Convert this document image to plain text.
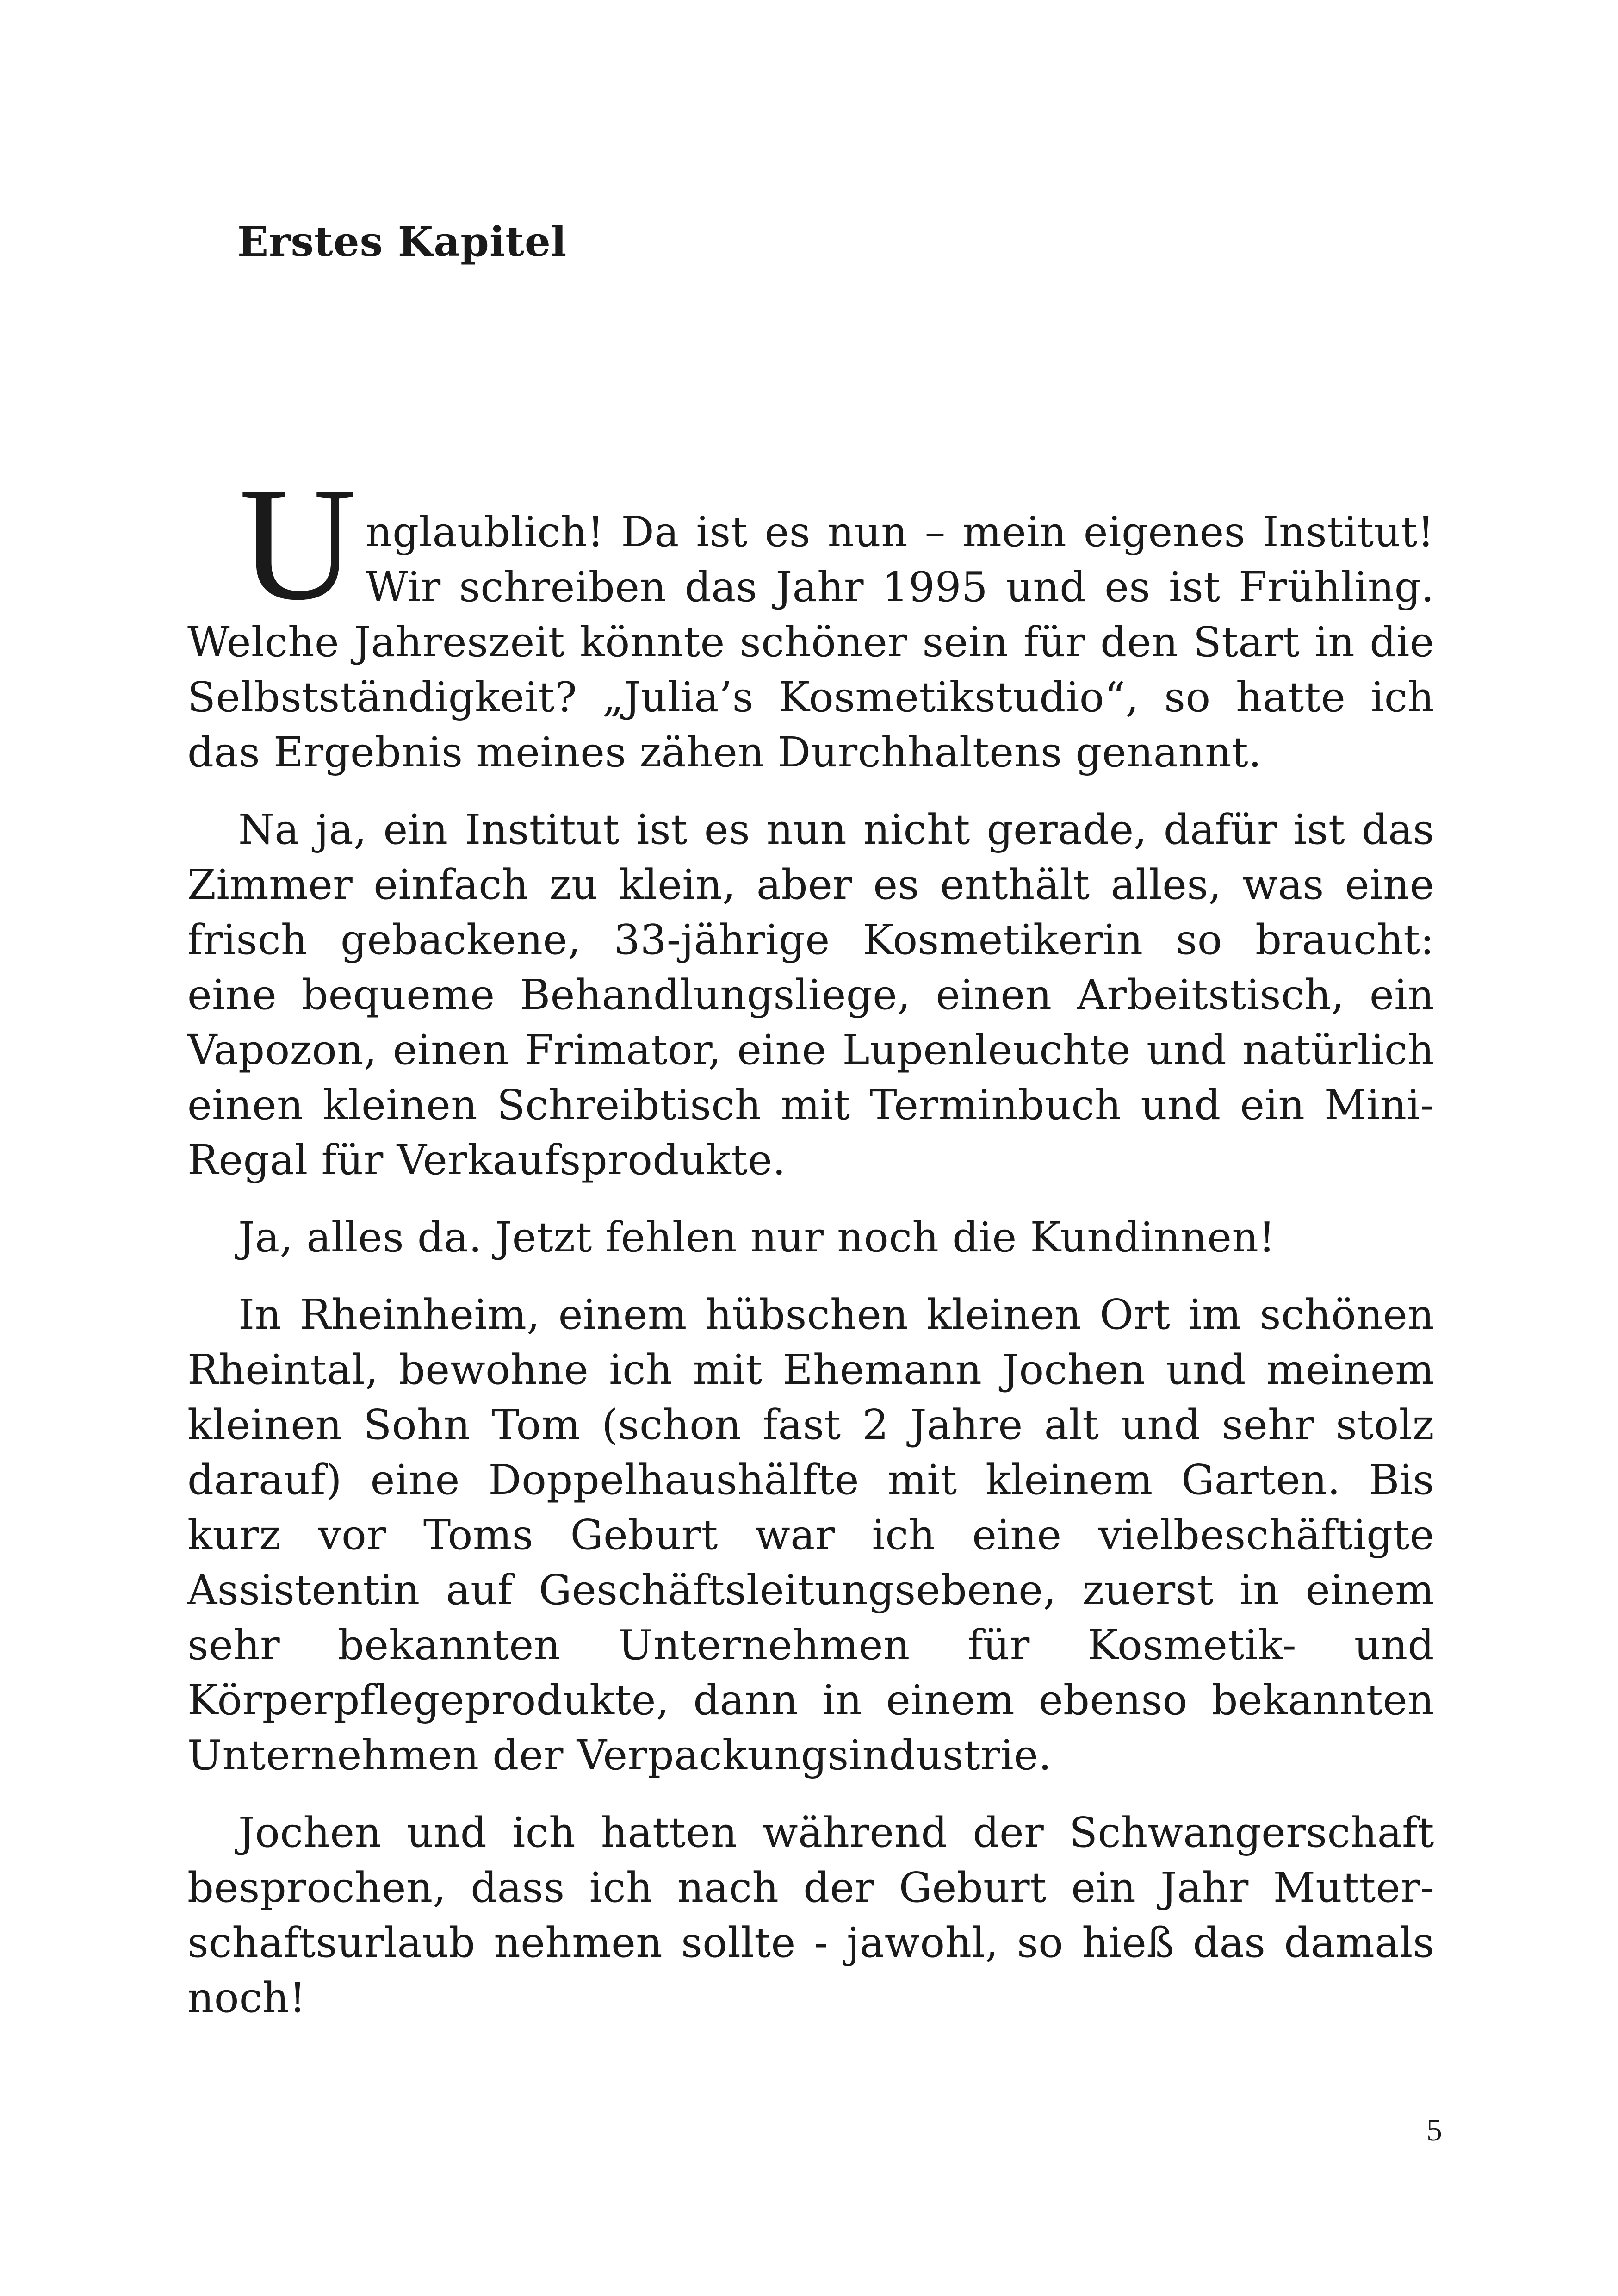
Erstes Kapitel

Unglaublich! Da ist es nun – mein eigenes Institut! Wir schreiben das Jahr 1995 und es ist Frühling. Welche Jahreszeit könnte schöner sein für den Start in die Selbstständigkeit? „Julia’s Kosmetikstudio“, so hatte ich das Ergebnis meines zähen Durchhaltens genannt.

Na ja, ein Institut ist es nun nicht gerade, dafür ist das Zimmer einfach zu klein, aber es enthält alles, was eine frisch gebackene, 33-jährige Kosmetikerin so braucht: eine bequeme Behandlungsliege, einen Arbeitstisch, ein Vapozon, einen Frimator, eine Lupenleuchte und natürlich einen kleinen Schreibtisch mit Terminbuch und ein Mini-Regal für Verkaufsprodukte.

Ja, alles da. Jetzt fehlen nur noch die Kundinnen!

In Rheinheim, einem hübschen kleinen Ort im schönen Rheintal, bewohne ich mit Ehemann Jochen und meinem kleinen Sohn Tom (schon fast 2 Jahre alt und sehr stolz darauf) eine Doppelhaushälfte mit kleinem Garten. Bis kurz vor Toms Geburt war ich eine vielbeschäftigte Assistentin auf Geschäftsleitungsebene, zuerst in einem sehr bekannten Unternehmen für Kosmetik- und Körperpflegeprodukte, dann in einem ebenso bekannten Unternehmen der Verpackungsindustrie.

Jochen und ich hatten während der Schwangerschaft besprochen, dass ich nach der Geburt ein Jahr Mutterschaftsurlaub nehmen sollte - jawohl, so hieß das damals noch!

5
